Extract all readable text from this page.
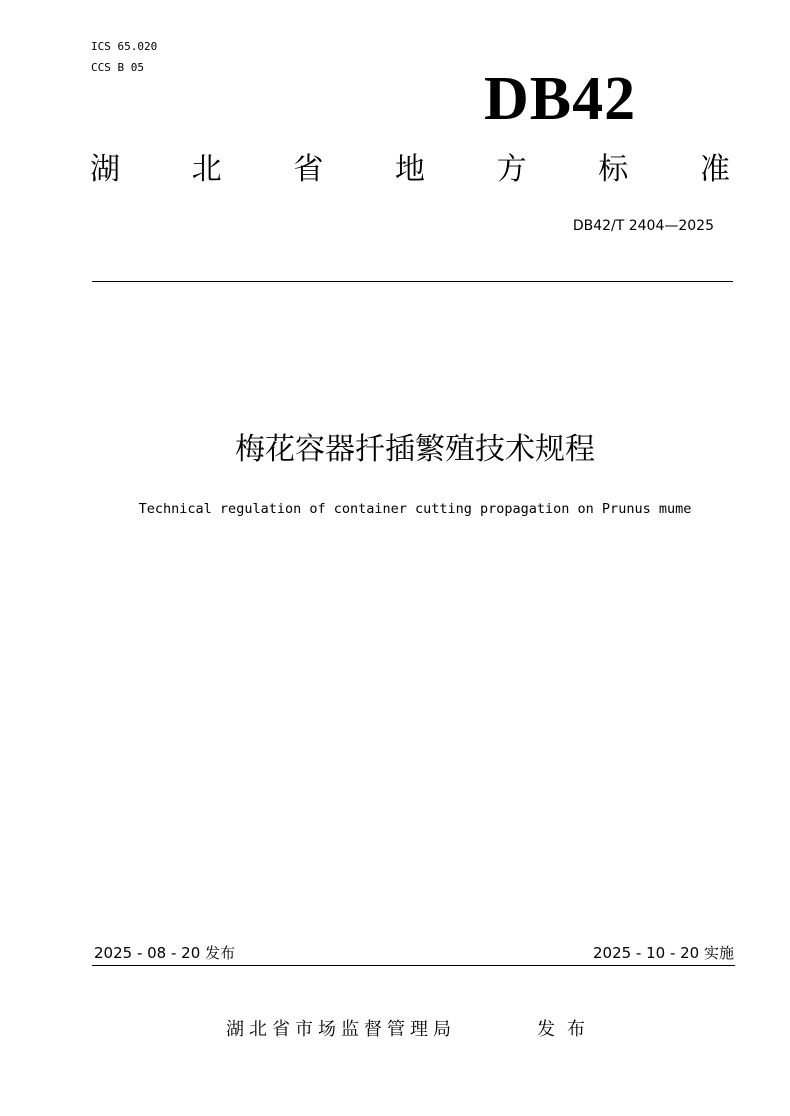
ICS 65.020
CCS B 05	DB42
湖 北 省 地 方 标 准
DB42/T 2404—2025
梅花容器扦插繁殖技术规程
Technical regulation of container cutting propagation on Prunus mume
2025 - 08 - 20 发布	2025 - 10 - 20 实施
湖北省市场监督管理局	发布
